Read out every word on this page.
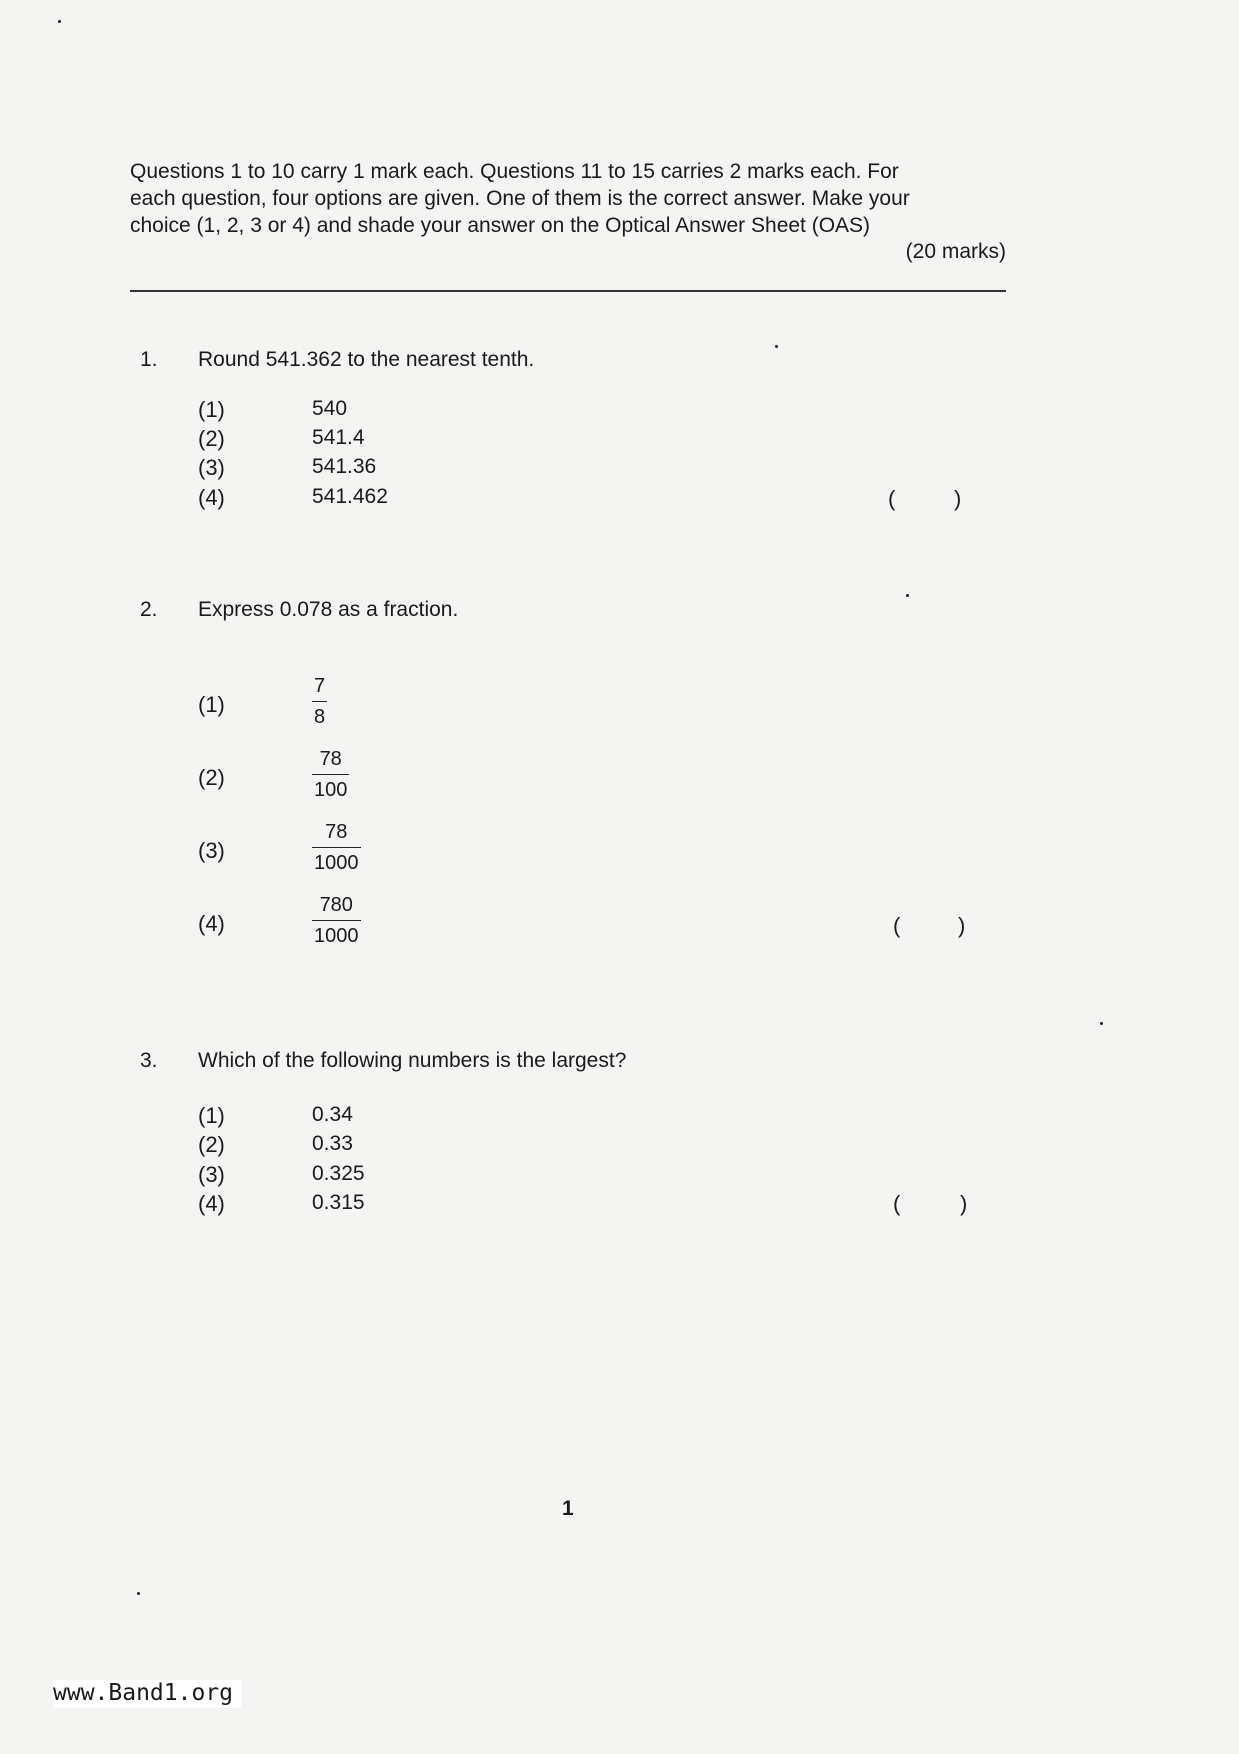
Questions 1 to 10 carry 1 mark each. Questions 11 to 15 carries 2 marks each. For

each question, four options are given. One of them is the correct answer. Make your

choice (1, 2, 3 or 4) and shade your answer on the Optical Answer Sheet (OAS)

(20 marks)
1. Round 541.362 to the nearest tenth.
(1)	540
(2)	541.4
(3)	541.36
(4)	541.462	(	)
2. Express 0.078 as a fraction.
(1)
7
8
(2)
78
100
(3)
78
1000
(4)
780
1000	(	)
3. Which of the following numbers is the largest?
(1)	0.34
(2)	0.33
(3)	0.325
(4)	0.315	(	)
1
www.Band1.org
